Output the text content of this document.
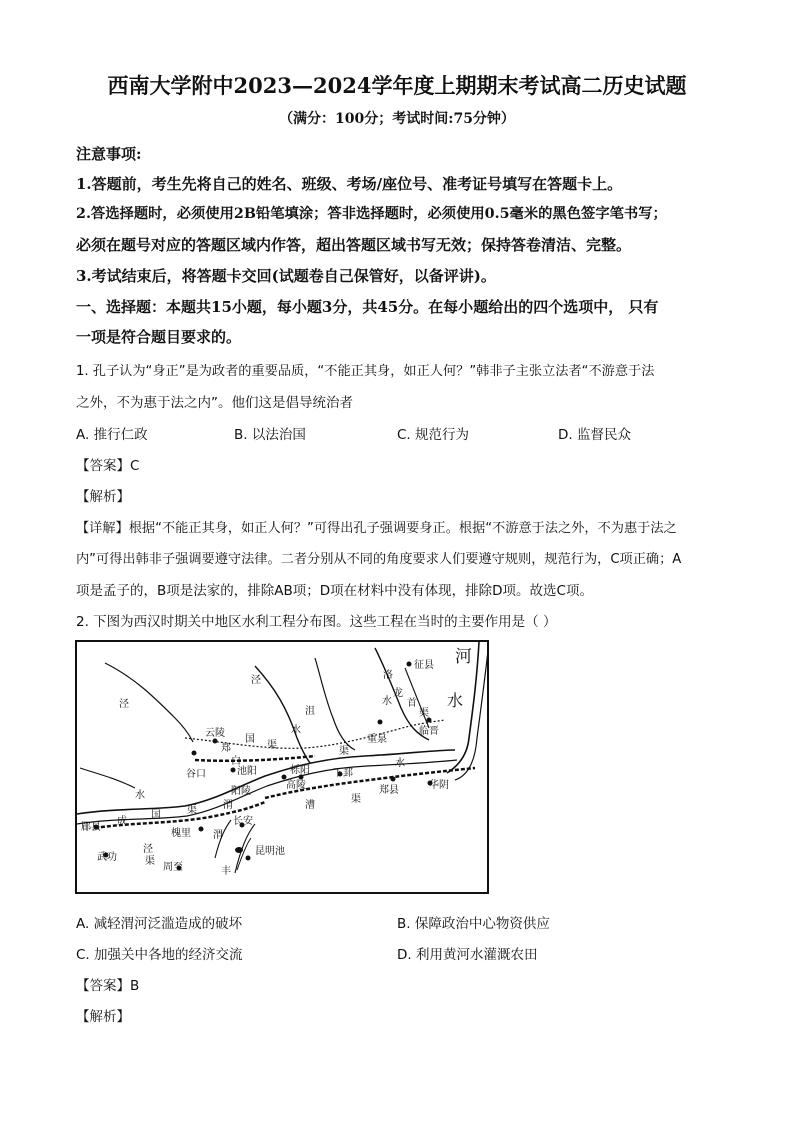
西南大学附中2023—2024学年度上期期末考试高二历史试题
（满分：100分；考试时间:75分钟）
注意事项:
1.答题前，考生先将自己的姓名、班级、考场/座位号、准考证号填写在答题卡上。
2.答选择题时，必须使用2B铅笔填涂；答非选择题时，必须使用0.5毫米的黑色签字笔书写；
必须在题号对应的答题区域内作答，超出答题区域书写无效；保持答卷清洁、完整。
3.考试结束后，将答题卡交回(试题卷自己保管好，以备评讲)。
一、选择题：本题共15小题，每小题3分，共45分。在每小题给出的四个选项中， 只有
一项是符合题目要求的。
1. 孔子认为“身正”是为政者的重要品质，“不能正其身，如正人何？”韩非子主张立法者“不游意于法
之外，不为惠于法之内”。他们这是倡导统治者
A. 推行仁政	B. 以法治国	C. 规范行为	D. 监督民众
【答案】C
【解析】
【详解】根据“不能正其身，如正人何？”可得出孔子强调要身正。根据“不游意于法之外，不为惠于法之
内”可得出韩非子强调要遵守法律。二者分别从不同的角度要求人们要遵守规则，规范行为，C项正确；A
项是孟子的，B项是法家的，排除AB项；D项在材料中没有体现，排除D项。故选C项。
2. 下图为西汉时期关中地区水利工程分布图。这些工程在当时的主要作用是（ ）
河
水
征县
洛
龙
首
渠
水
临晋
泾
沮
重泉
云陵
泾
郑
国
渠
水
白
渠
下邽
水
谷口	池阳	栎阳
高陵
阳陵
华阴
郑县
郿县
成
国	渠
槐里
渭
武功
长安
周至
昆明池
漕
渠
水
丰
泾
渭
渠
A. 减轻渭河泛滥造成的破坏	B. 保障政治中心物资供应
C. 加强关中各地的经济交流	D. 利用黄河水灌溉农田
【答案】B
【解析】
